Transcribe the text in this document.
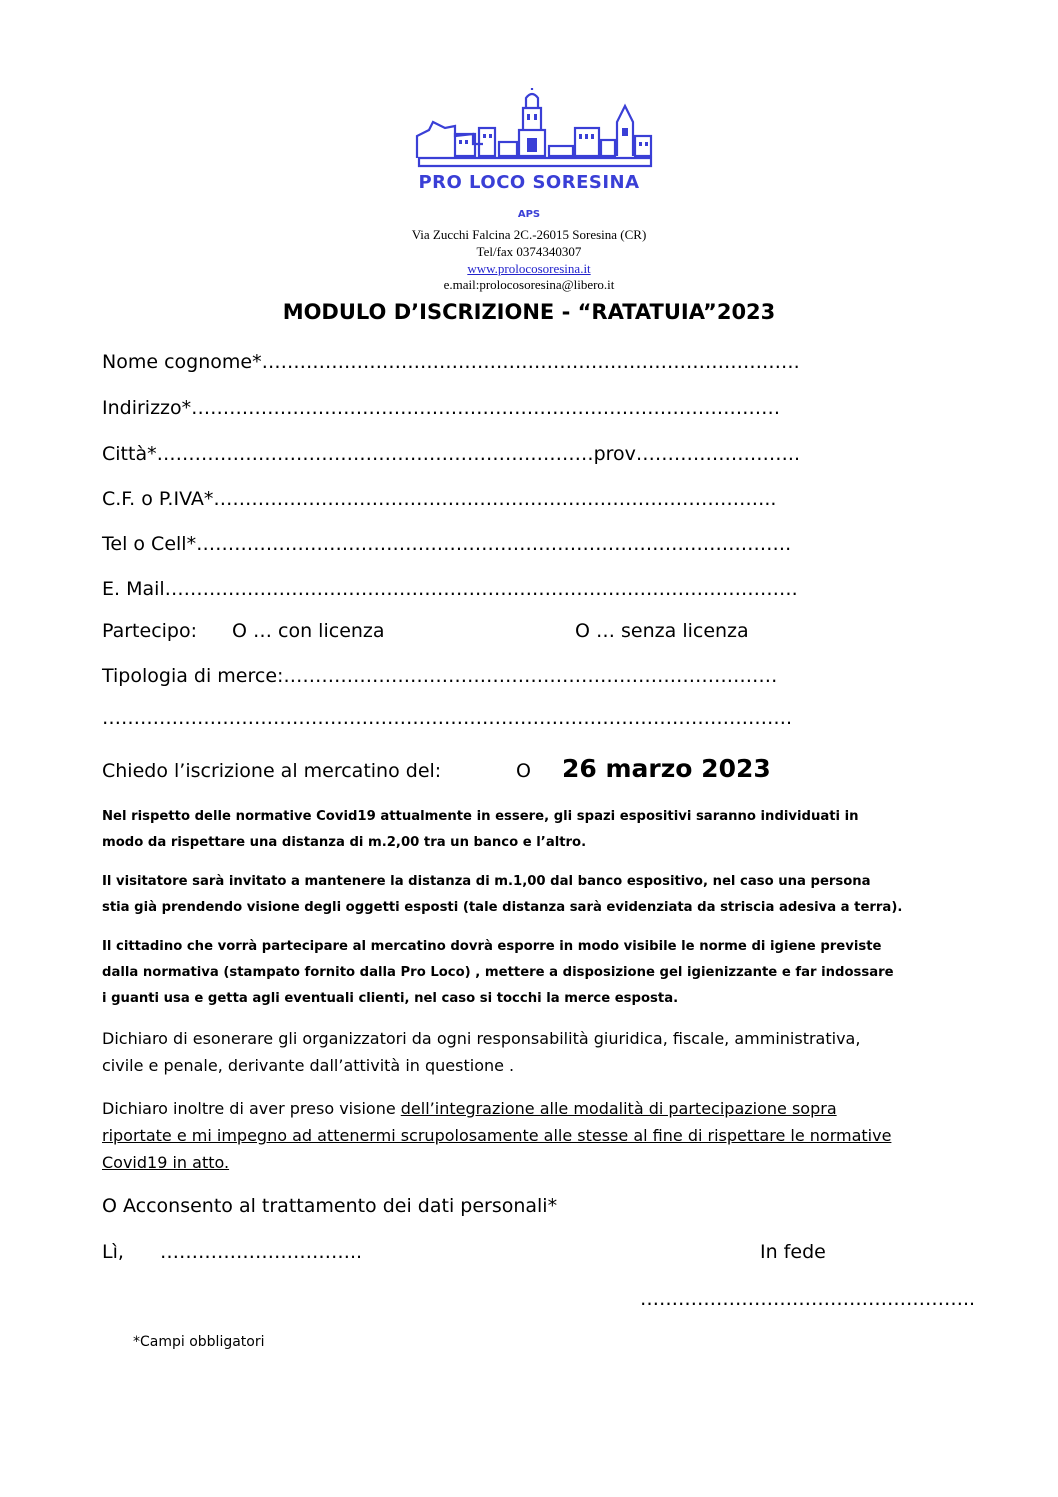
PRO LOCO SORESINA
APS
Via Zucchi Falcina 2C.-26015 Soresina (CR)
Tel/fax 0374340307
www.prolocosoresina.it
e.mail:prolocosoresina@libero.it
MODULO D’ISCRIZIONE - “RATATUIA”2023
Nome cognome*………………………………………………………………………….
Indirizzo*…………………………………………………………………………………
Città*……………………………………………………………prov……………………..
C.F. o P.IVA*……………………………………………………………………………..
Tel o Cell*………………………………………………………………………………….
E. Mail……………………………………………………………………………………….
Partecipo: O … con licenza	O … senza licenza
Tipologia di merce:……………………………………………………………………
……………………………………………………………………………………………….
Chiedo l’iscrizione al mercatino del:	O 26 marzo 2023
Nel rispetto delle normative Covid19 attualmente in essere, gli spazi espositivi saranno individuati in
modo da rispettare una distanza di m.2,00 tra un banco e l’altro.
Il visitatore sarà invitato a mantenere la distanza di m.1,00 dal banco espositivo, nel caso una persona
stia già prendendo visione degli oggetti esposti (tale distanza sarà evidenziata da striscia adesiva a terra).
Il cittadino che vorrà partecipare al mercatino dovrà esporre in modo visibile le norme di igiene previste
dalla normativa (stampato fornito dalla Pro Loco) , mettere a disposizione gel igienizzante e far indossare
i guanti usa e getta agli eventuali clienti, nel caso si tocchi la merce esposta.
Dichiaro di esonerare gli organizzatori da ogni responsabilità giuridica, fiscale, amministrativa,
civile e penale, derivante dall’attività in questione .
Dichiaro inoltre di aver preso visione dell’integrazione alle modalità di partecipazione sopra
riportate e mi impegno ad attenermi scrupolosamente alle stesse al fine di rispettare le normative
Covid19 in atto.
O Acconsento al trattamento dei dati personali*
Lì, …………………………..	In fede
……………………………………………..
*Campi obbligatori
